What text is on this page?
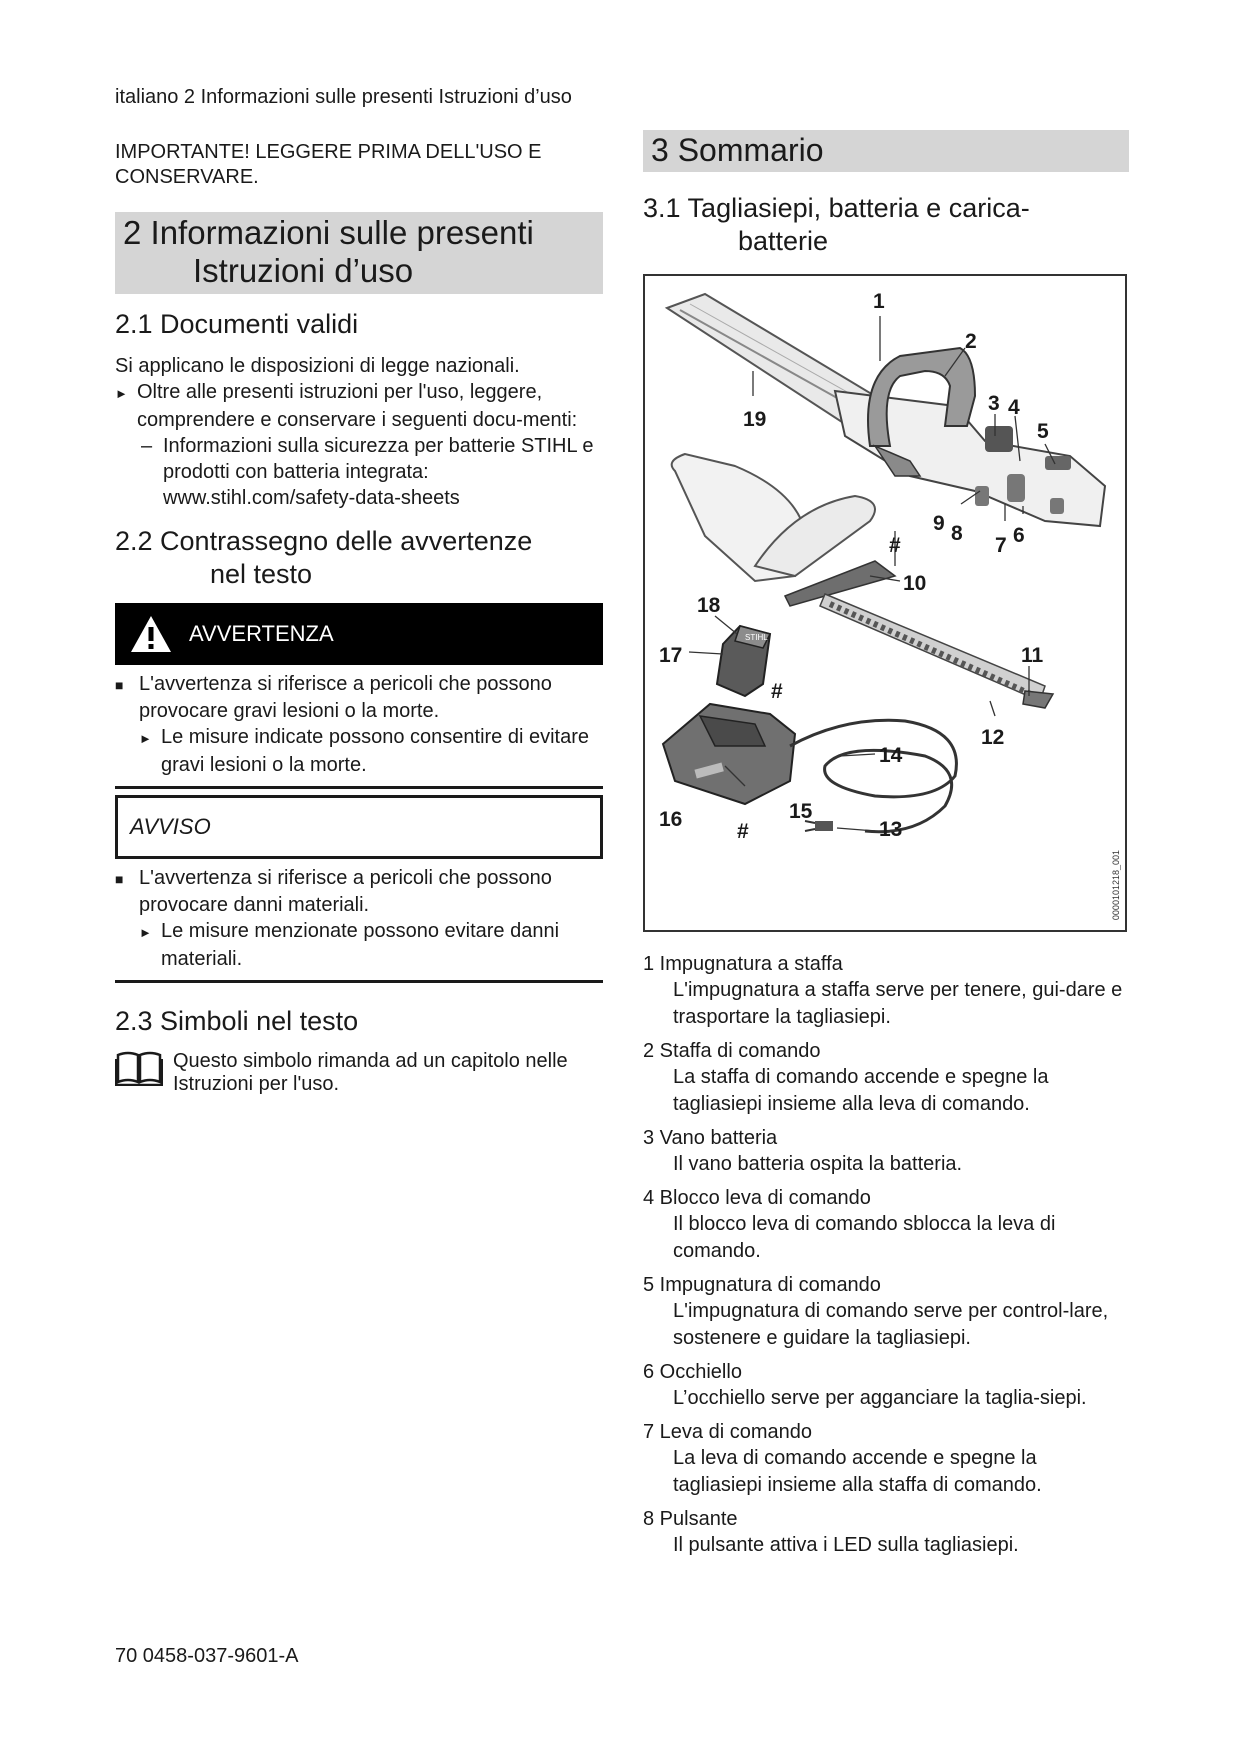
italiano 2 Informazioni sulle presenti Istruzioni d’uso

IMPORTANTE! LEGGERE PRIMA DELL'USO E CONSERVARE.

2 Informazioni sulle presenti
Istruzioni d’uso
2.1 Documenti validi

Si applicano le disposizioni di legge nazionali.

► Oltre alle presenti istruzioni per l'uso, leggere, comprendere e conservare i seguenti docu-menti:

– Informazioni sulla sicurezza per batterie STIHL e prodotti con batteria integrata: www.stihl.com/safety-data-sheets

2.2 Contrassegno delle avvertenze
nel testo
AVVERTENZA

■ L'avvertenza si riferisce a pericoli che possono provocare gravi lesioni o la morte.

► Le misure indicate possono consentire di evitare gravi lesioni o la morte.

AVVISO

■ L'avvertenza si riferisce a pericoli che possono provocare danni materiali.

► Le misure menzionate possono evitare danni materiali.

2.3 Simboli nel testo
Questo simbolo rimanda ad un capitolo nelle Istruzioni per l'uso.
3 Sommario
3.1 Tagliasiepi, batteria e carica-
batterie
STIHL
1
2
3 4
5
6
7
8
9
10
11
12
13
14
15
16
17
18
19
#
#
#
0000101218_001

1 Impugnatura a staffa

L'impugnatura a staffa serve per tenere, gui-dare e trasportare la tagliasiepi.

2 Staffa di comando

La staffa di comando accende e spegne la tagliasiepi insieme alla leva di comando.

3 Vano batteria

Il vano batteria ospita la batteria.

4 Blocco leva di comando

Il blocco leva di comando sblocca la leva di comando.

5 Impugnatura di comando

L'impugnatura di comando serve per control-lare, sostenere e guidare la tagliasiepi.

6 Occhiello

L’occhiello serve per agganciare la taglia-siepi.

7 Leva di comando

La leva di comando accende e spegne la tagliasiepi insieme alla staffa di comando.

8 Pulsante

Il pulsante attiva i LED sulla tagliasiepi.

70 0458-037-9601-A
